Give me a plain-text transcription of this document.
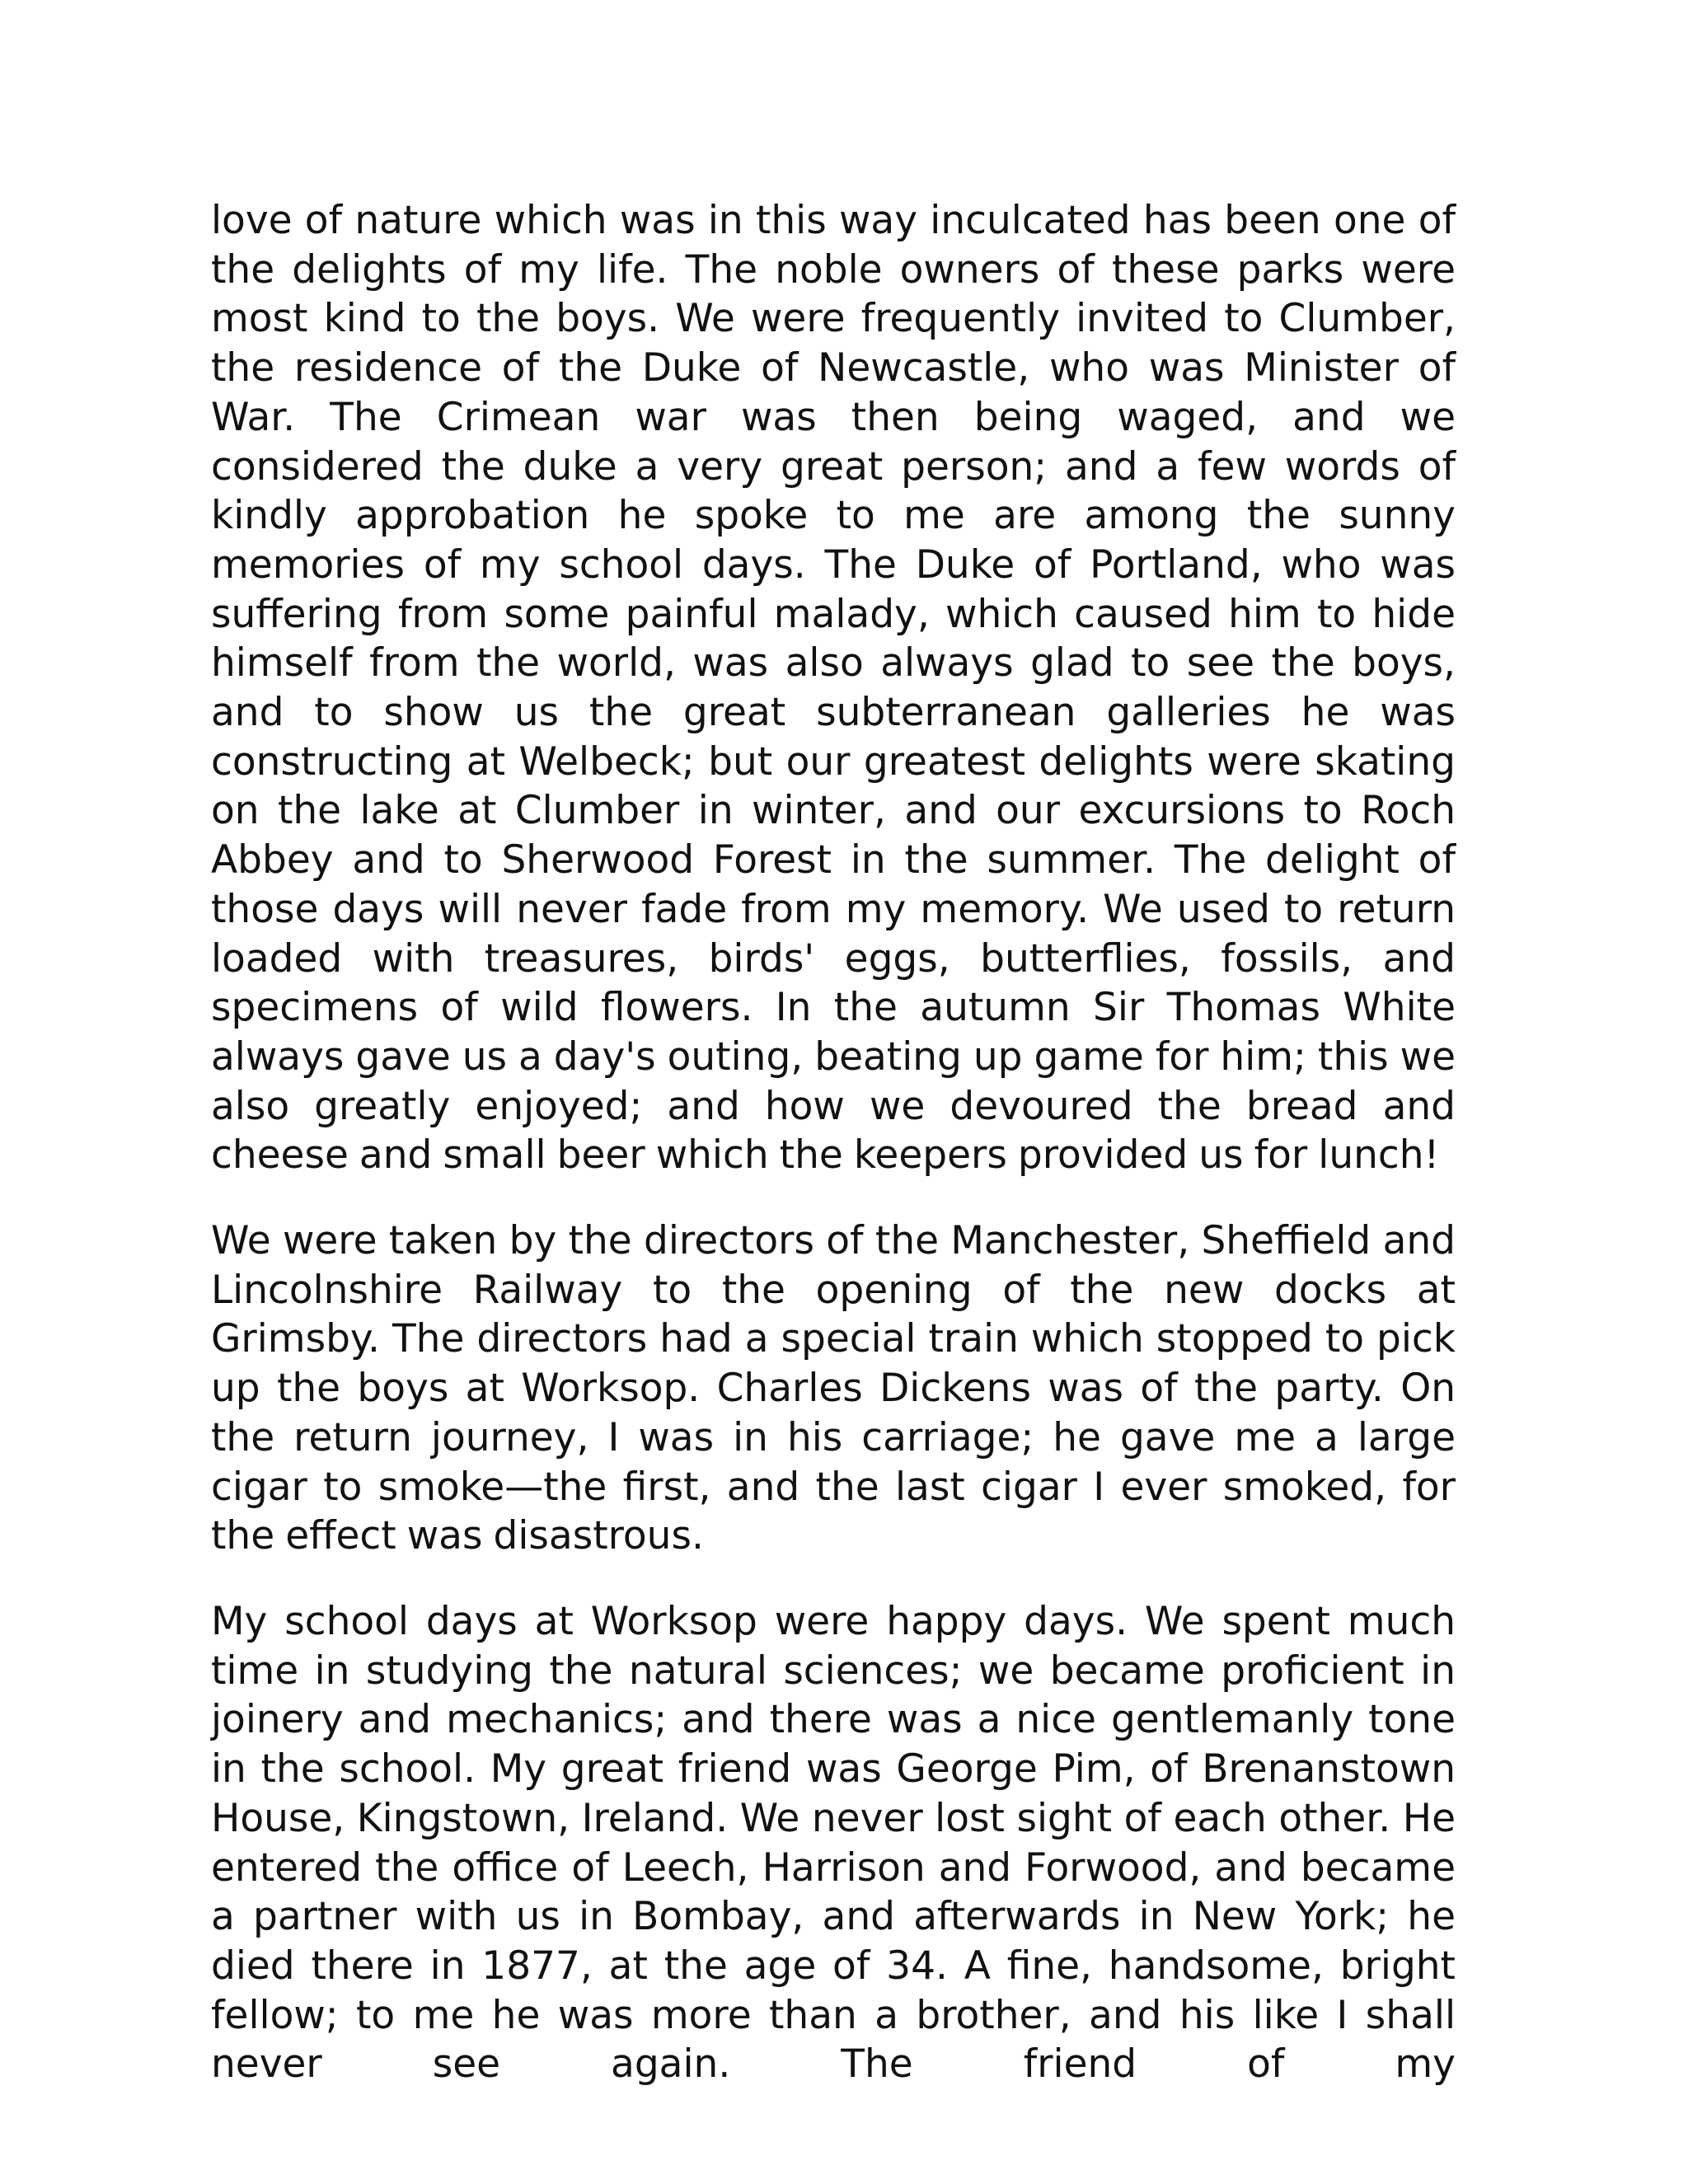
love of nature which was in this way inculcated has been one of the delights of my life. The noble owners of these parks were most kind to the boys. We were frequently invited to Clumber, the residence of the Duke of Newcastle, who was Minister of War. The Crimean war was then being waged, and we considered the duke a very great person; and a few words of kindly approbation he spoke to me are among the sunny memories of my school days. The Duke of Portland, who was suffering from some painful malady, which caused him to hide himself from the world, was also always glad to see the boys, and to show us the great subterranean galleries he was constructing at Welbeck; but our greatest delights were skating on the lake at Clumber in winter, and our excursions to Roch Abbey and to Sherwood Forest in the summer. The delight of those days will never fade from my memory. We used to return loaded with treasures, birds' eggs, butterflies, fossils, and specimens of wild flowers. In the autumn Sir Thomas White always gave us a day's outing, beating up game for him; this we also greatly enjoyed; and how we devoured the bread and cheese and small beer which the keepers provided us for lunch!

We were taken by the directors of the Manchester, Sheffield and Lincolnshire Railway to the opening of the new docks at Grimsby. The directors had a special train which stopped to pick up the boys at Worksop. Charles Dickens was of the party. On the return journey, I was in his carriage; he gave me a large cigar to smoke—the first, and the last cigar I ever smoked, for the effect was disastrous.

My school days at Worksop were happy days. We spent much time in studying the natural sciences; we became proficient in joinery and mechanics; and there was a nice gentlemanly tone in the school. My great friend was George Pim, of Brenanstown House, Kingstown, Ireland. We never lost sight of each other. He entered the office of Leech, Harrison and Forwood, and became a partner with us in Bombay, and afterwards in New York; he died there in 1877, at the age of 34. A fine, handsome, bright fellow; to me he was more than a brother, and his like I shall never see again. The friend of my
